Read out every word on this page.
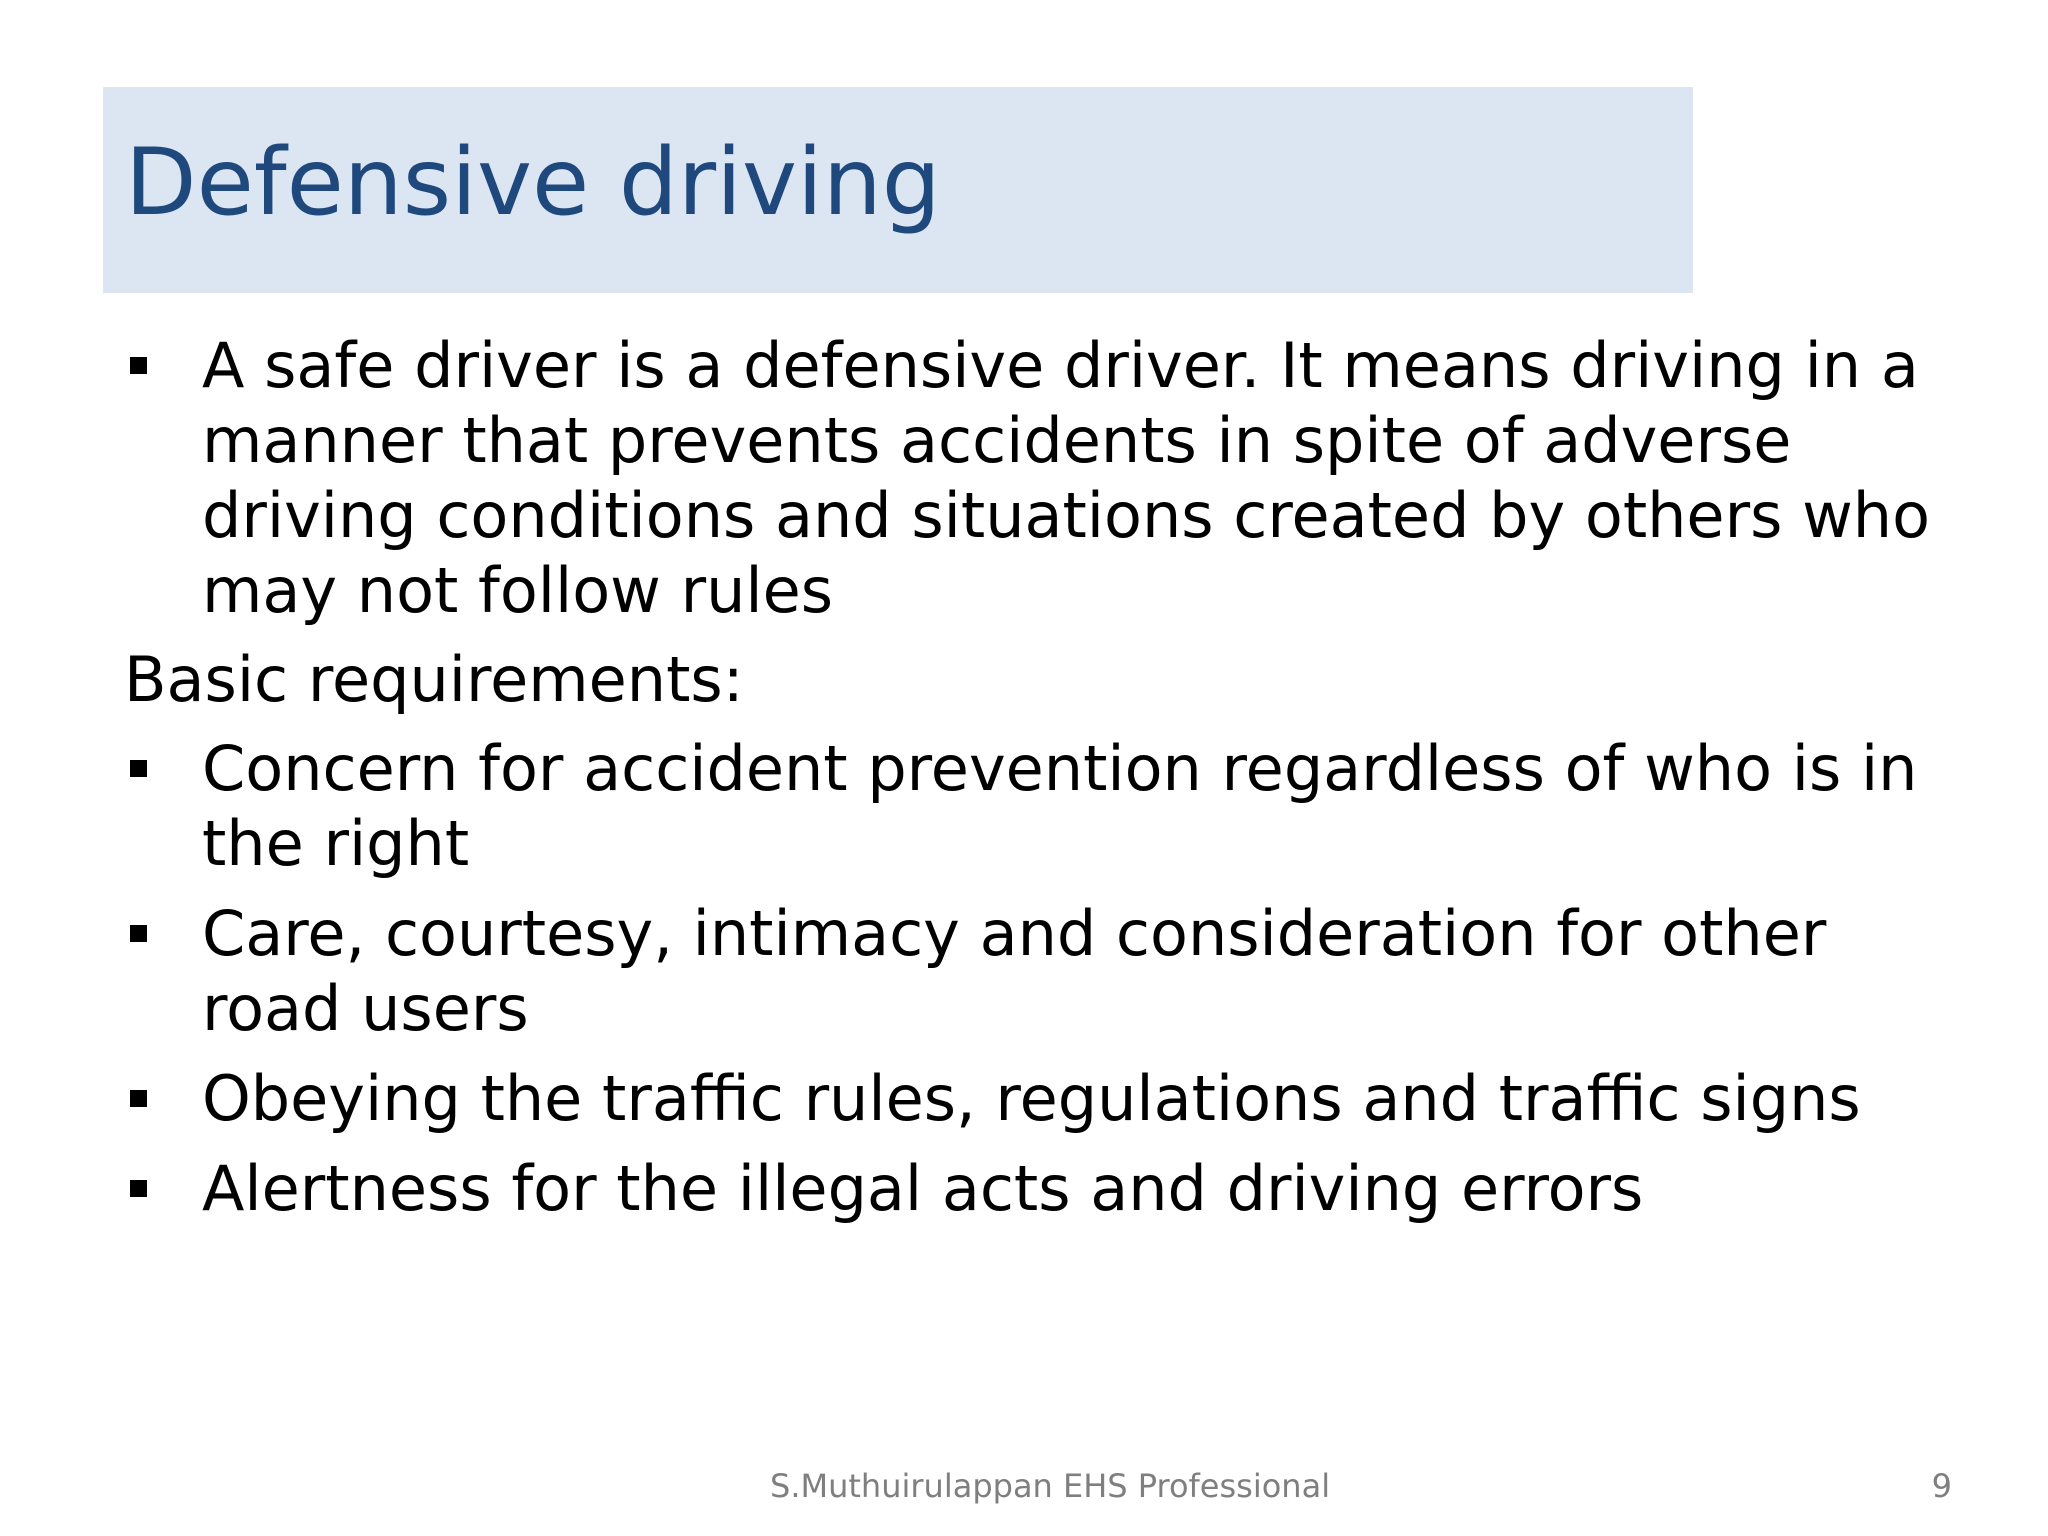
Defensive driving
A safe driver is a defensive driver. It means driving in a manner that prevents accidents in spite of adverse driving conditions and situations created by others who may not follow rules
Basic requirements:
Concern for accident prevention regardless of who is in the right
Care, courtesy, intimacy and consideration for other road users
Obeying the traffic rules, regulations and traffic signs
Alertness for the illegal acts and driving errors
S.Muthuirulappan EHS Professional	9
